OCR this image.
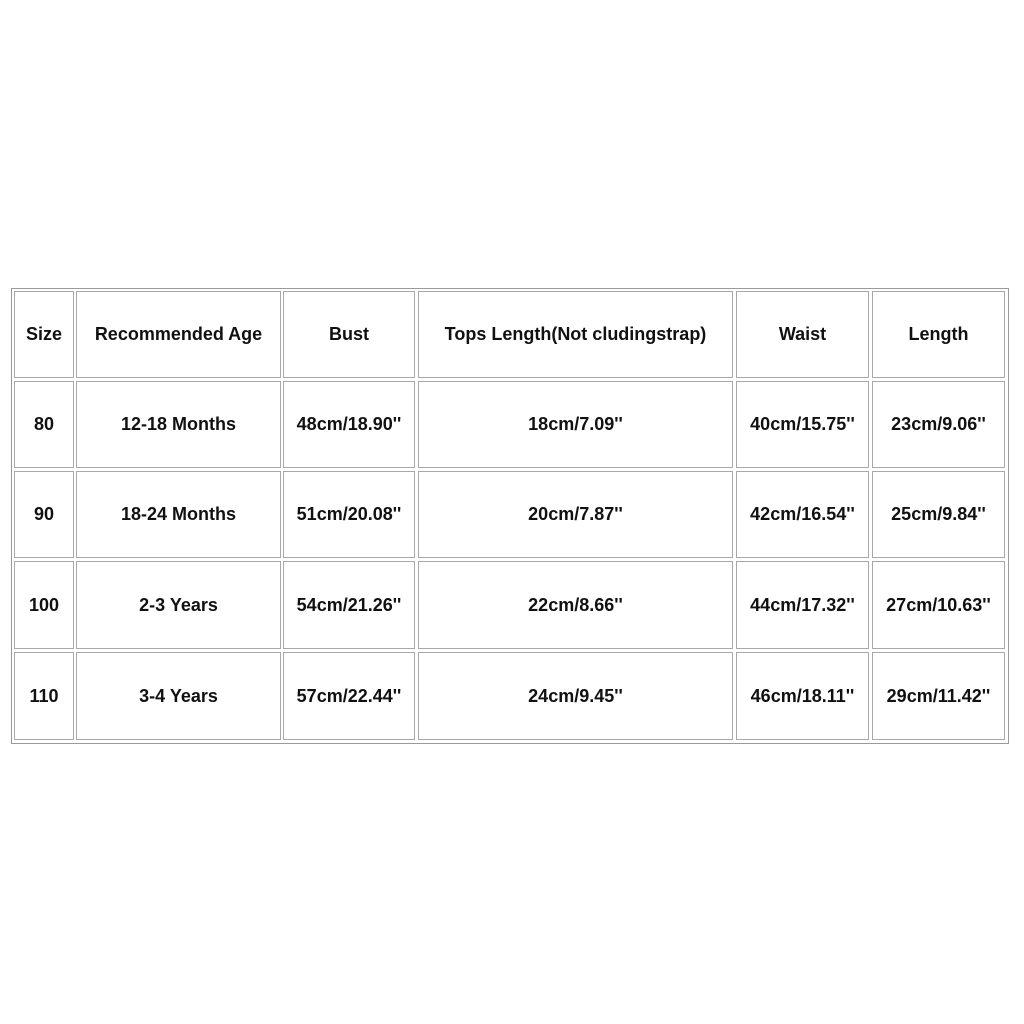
Size	Recommended Age	Bust	Tops Length(Not cludingstrap)	Waist	Length
80	12-18 Months	48cm/18.90''	18cm/7.09''	40cm/15.75''	23cm/9.06''
90	18-24 Months	51cm/20.08''	20cm/7.87''	42cm/16.54''	25cm/9.84''
100	2-3 Years	54cm/21.26''	22cm/8.66''	44cm/17.32''	27cm/10.63''
110	3-4 Years	57cm/22.44''	24cm/9.45''	46cm/18.11''	29cm/11.42''
